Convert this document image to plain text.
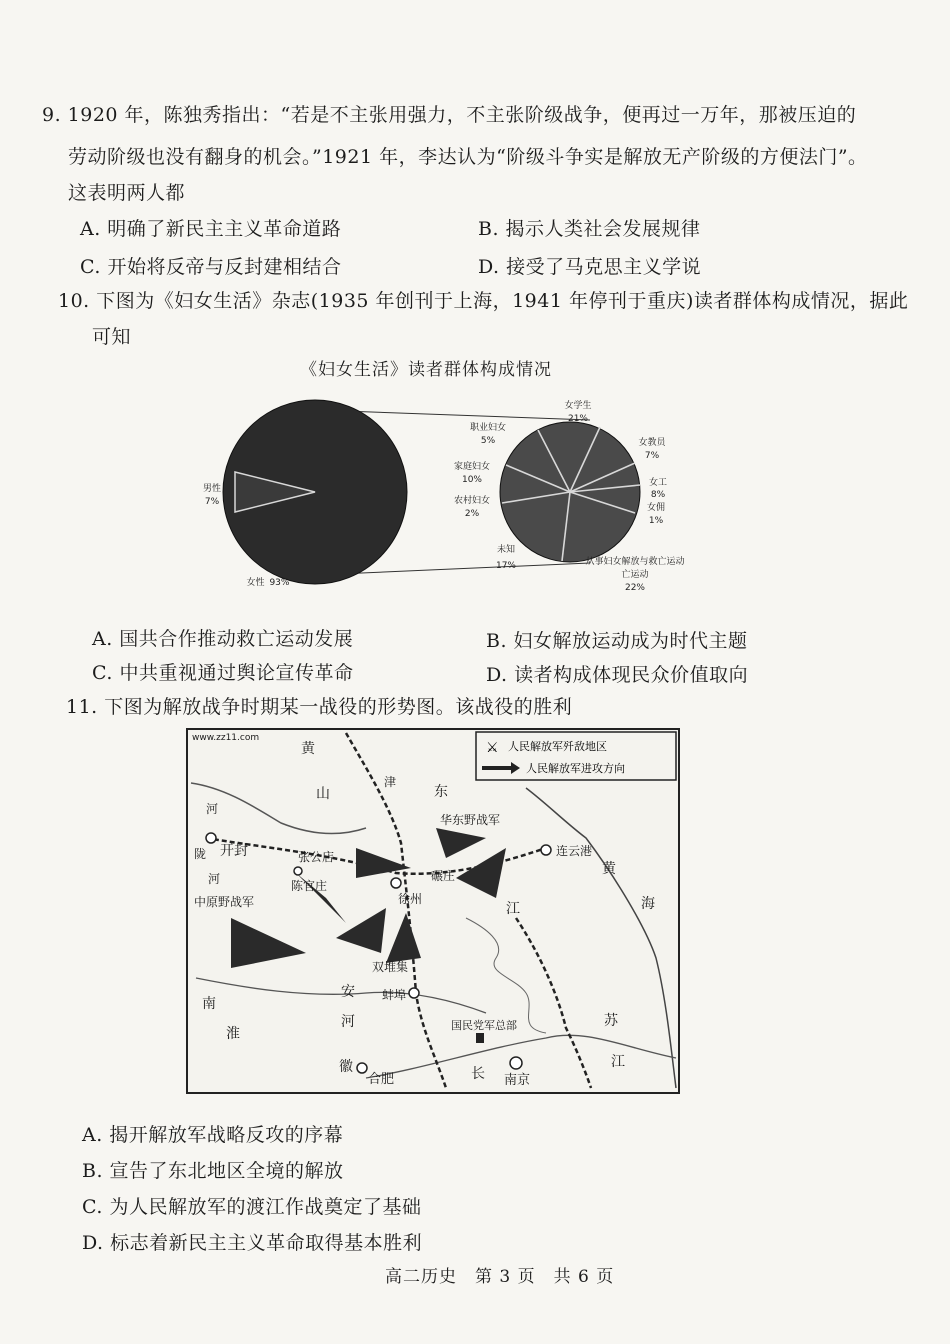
9. 1920 年，陈独秀指出：“若是不主张用强力，不主张阶级战争，便再过一万年，那被压迫的
劳动阶级也没有翻身的机会。”1921 年，李达认为“阶级斗争实是解放无产阶级的方便法门”。
这表明两人都
A. 明确了新民主主义革命道路	B. 揭示人类社会发展规律
C. 开始将反帝与反封建相结合	D. 接受了马克思主义学说
10. 下图为《妇女生活》杂志(1935 年创刊于上海，1941 年停刊于重庆)读者群体构成情况，据此
可知
《妇女生活》读者群体构成情况
男性
7%
女性 93%
女学生
21%
女教员
7%
女工
8%
女佣
1%
从事妇女解放与救亡运动
亡运动
22%
未知
17%
农村妇女
2%
家庭妇女
10%
职业妇女
5%
A. 国共合作推动救亡运动发展	B. 妇女解放运动成为时代主题
C. 中共重视通过舆论宣传革命	D. 读者构成体现民众价值取向
11. 下图为解放战争时期某一战役的形势图。该战役的胜利
⚔ 人民解放军歼敌地区
人民解放军进攻方向
www.zz11.com
黄
山	东
津
河
陇 开封
河
张公店
陈官庄
华东野战军
连云港
黄
海
中原野战军	徐州
碾庄
江
双堆集
安 蚌埠
南
淮
河	国民党军总部	苏
江
徽
合肥	长 南京
A. 揭开解放军战略反攻的序幕
B. 宣告了东北地区全境的解放
C. 为人民解放军的渡江作战奠定了基础
D. 标志着新民主主义革命取得基本胜利
高二历史　第 3 页　共 6 页
